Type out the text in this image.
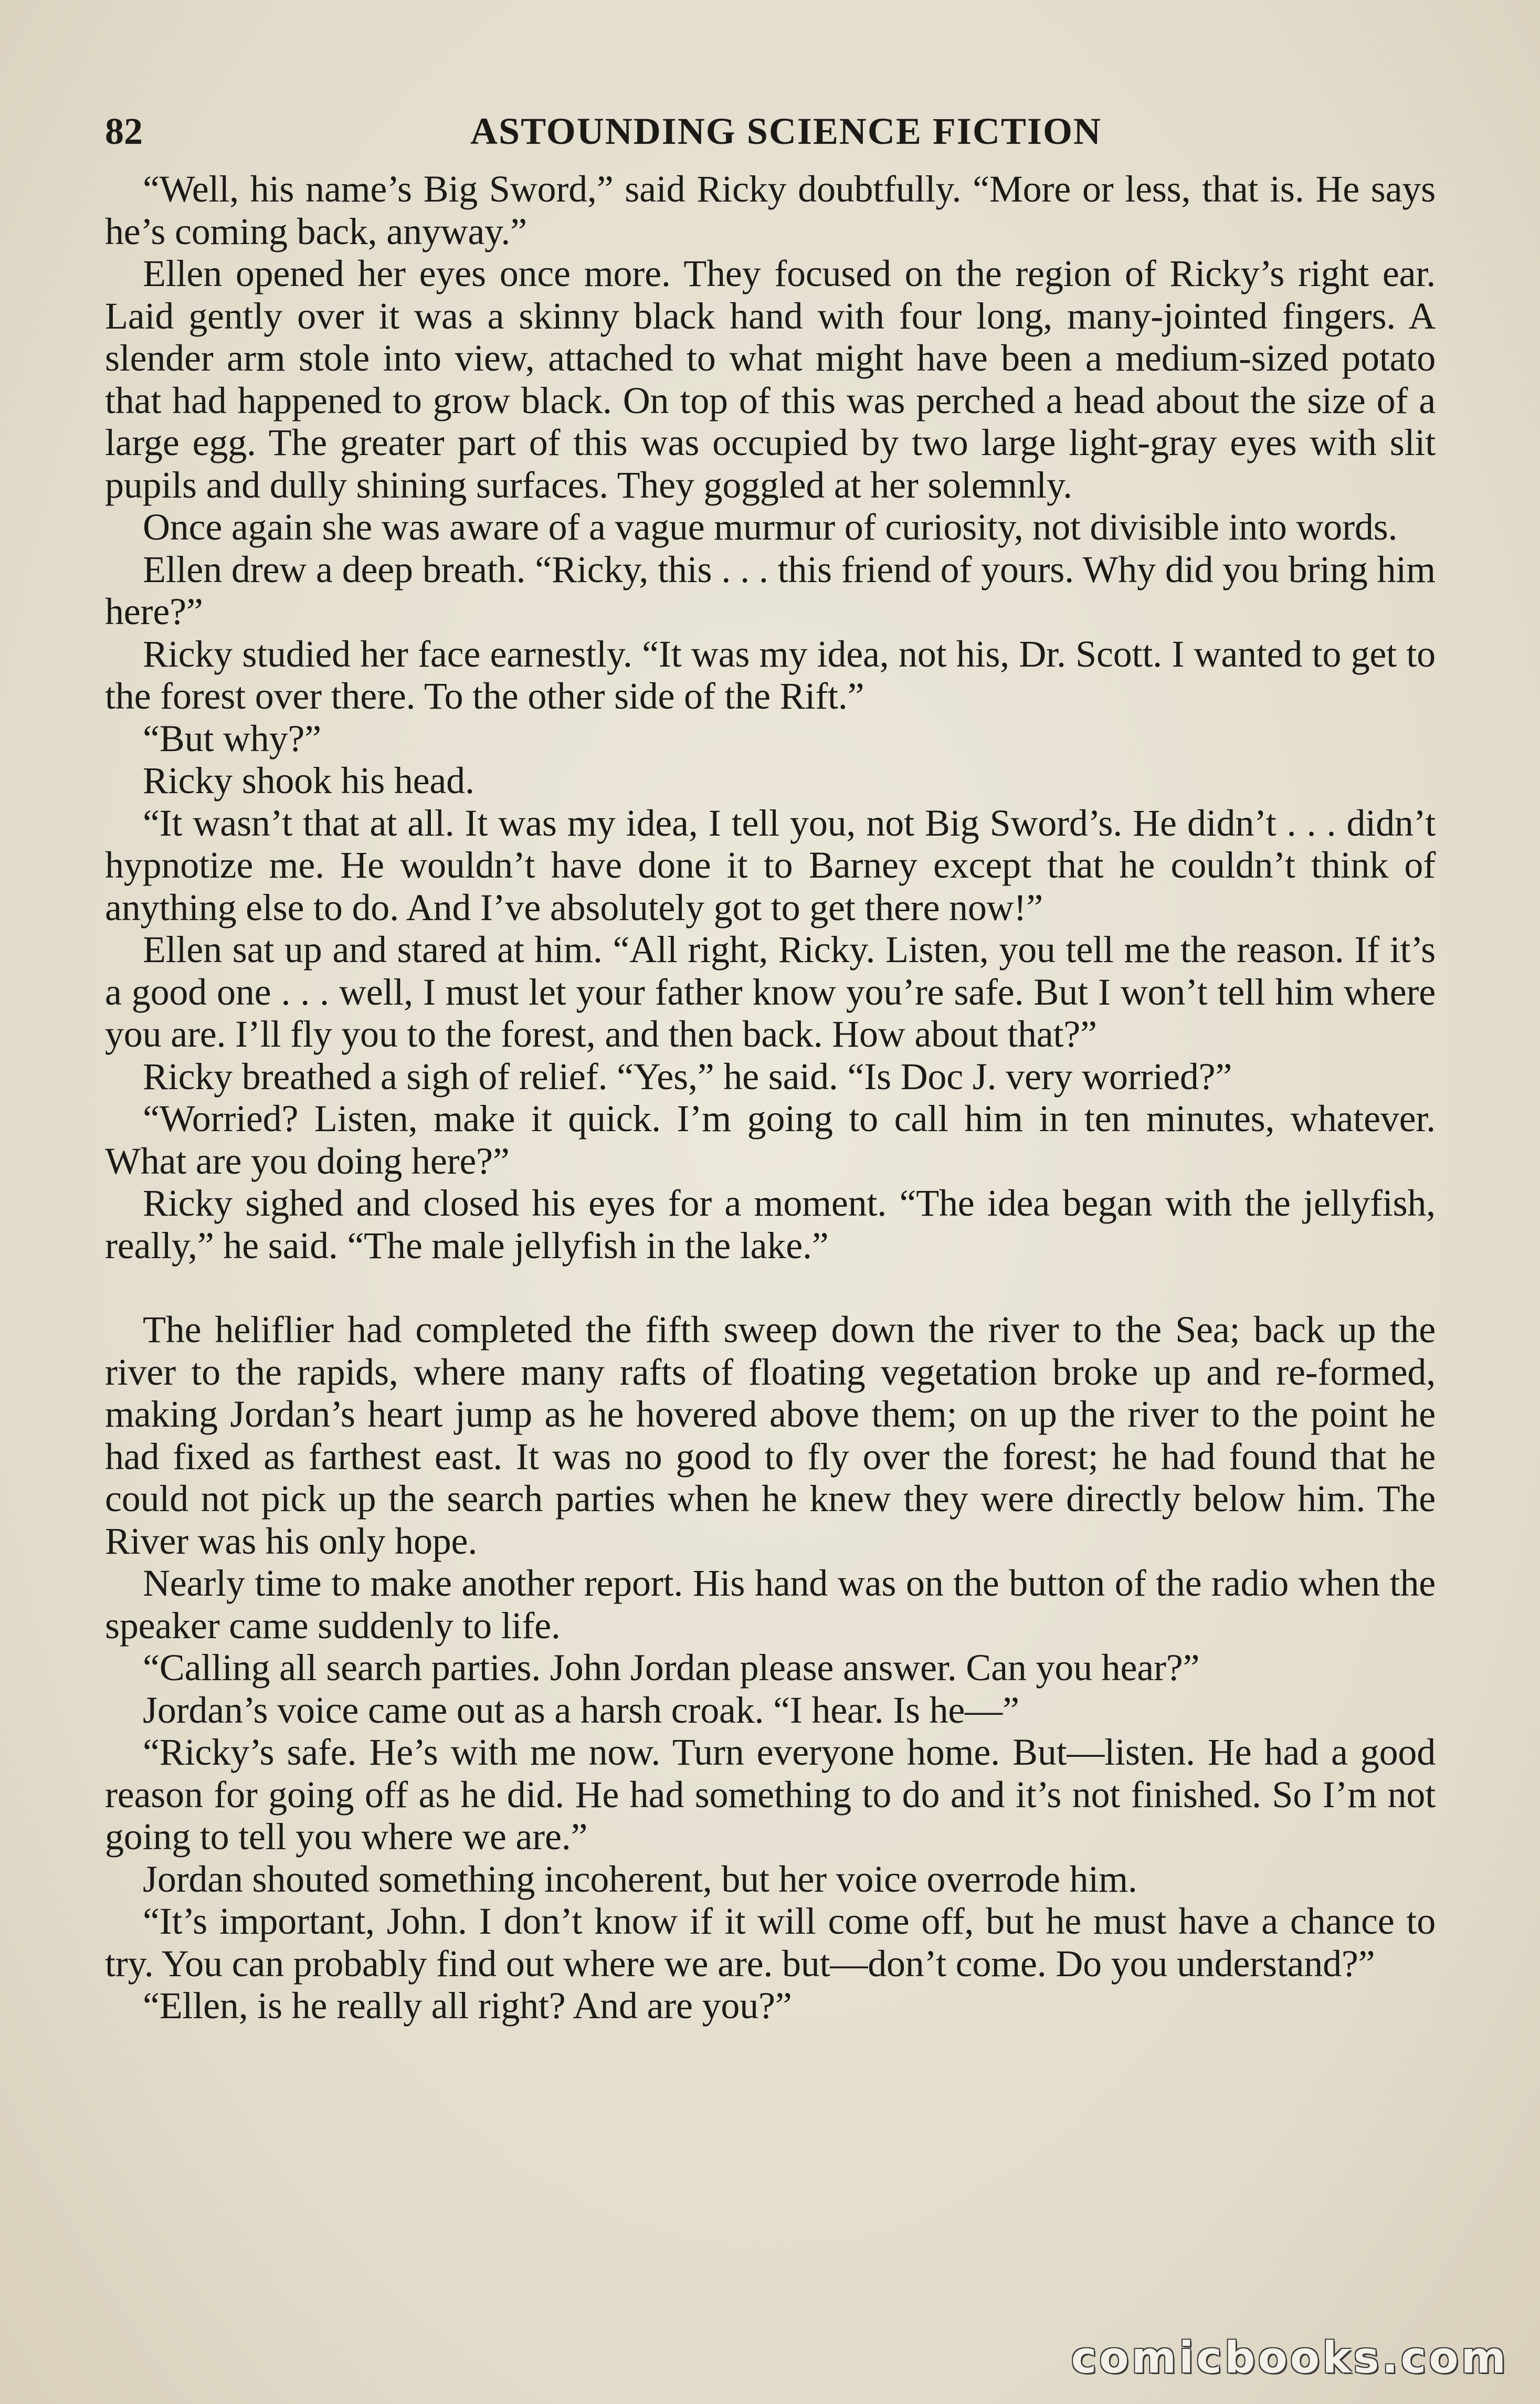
82	ASTOUNDING SCIENCE FICTION

“Well, his name’s Big Sword,” said Ricky doubtfully. “More or less, that is. He says he’s coming back, anyway.”

Ellen opened her eyes once more. They focused on the region of Ricky’s right ear. Laid gently over it was a skinny black hand with four long, many-jointed fingers. A slender arm stole into view, attached to what might have been a medium-sized potato that had happened to grow black. On top of this was perched a head about the size of a large egg. The greater part of this was occupied by two large light-gray eyes with slit pupils and dully shining surfaces. They goggled at her solemnly.

Once again she was aware of a vague murmur of curiosity, not divisible into words.

Ellen drew a deep breath. “Ricky, this . . . this friend of yours. Why did you bring him here?”

Ricky studied her face earnestly. “It was my idea, not his, Dr. Scott. I wanted to get to the forest over there. To the other side of the Rift.”

“But why?”

Ricky shook his head.

“It wasn’t that at all. It was my idea, I tell you, not Big Sword’s. He didn’t . . . didn’t hypnotize me. He wouldn’t have done it to Barney except that he couldn’t think of anything else to do. And I’ve absolutely got to get there now!”

Ellen sat up and stared at him. “All right, Ricky. Listen, you tell me the reason. If it’s a good one . . . well, I must let your father know you’re safe. But I won’t tell him where you are. I’ll fly you to the forest, and then back. How about that?”

Ricky breathed a sigh of relief. “Yes,” he said. “Is Doc J. very worried?”

“Worried? Listen, make it quick. I’m going to call him in ten minutes, whatever. What are you doing here?”

Ricky sighed and closed his eyes for a moment. “The idea began with the jellyfish, really,” he said. “The male jellyfish in the lake.”

The heliflier had completed the fifth sweep down the river to the Sea; back up the river to the rapids, where many rafts of floating vegetation broke up and re-formed, making Jordan’s heart jump as he hovered above them; on up the river to the point he had fixed as farthest east. It was no good to fly over the forest; he had found that he could not pick up the search parties when he knew they were directly below him. The River was his only hope.

Nearly time to make another report. His hand was on the button of the radio when the speaker came suddenly to life.

“Calling all search parties. John Jordan please answer. Can you hear?”

Jordan’s voice came out as a harsh croak. “I hear. Is he—”

“Ricky’s safe. He’s with me now. Turn everyone home. But—listen. He had a good reason for going off as he did. He had something to do and it’s not finished. So I’m not going to tell you where we are.”

Jordan shouted something incoherent, but her voice overrode him.

“It’s important, John. I don’t know if it will come off, but he must have a chance to try. You can probably find out where we are. but—don’t come. Do you understand?”

“Ellen, is he really all right? And are you?”

comicbooks.com
